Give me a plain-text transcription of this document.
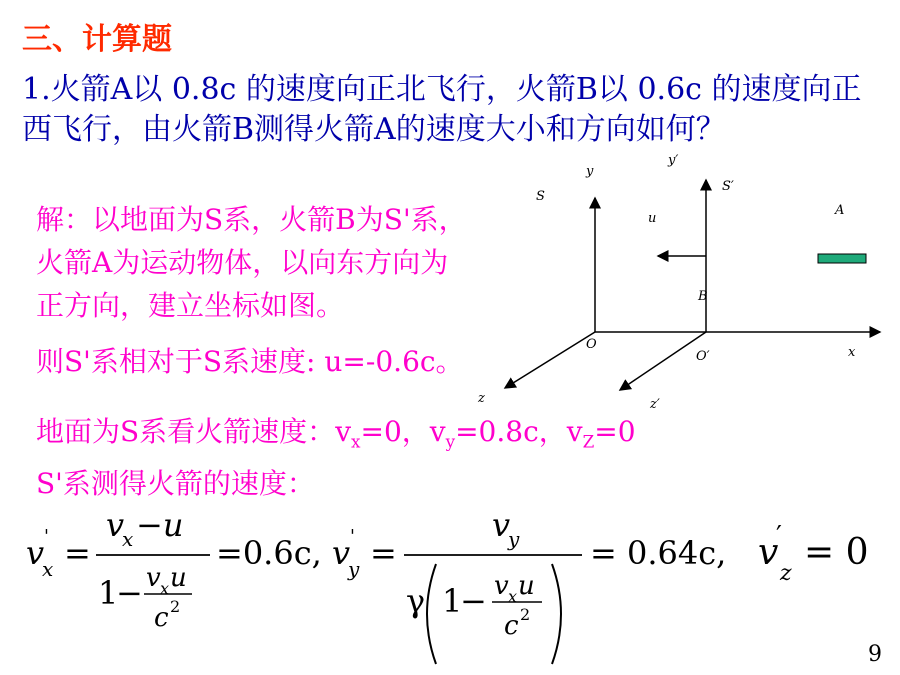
三、计算题
1.火箭A以 0.8c 的速度向正北飞行，火箭B以 0.6c 的速度向正西飞行，由火箭B测得火箭A的速度大小和方向如何？
解：以地面为S系，火箭B为S'系，
火箭A为运动物体，以向东方向为
正方向，建立坐标如图。
则S'系相对于S系速度: u=-0.6c。
地面为S系看火箭速度：$v_x=0$，$v_y=0.8c$，$v_Z=0$
S'系测得火箭的速度：
S
y
y′
S′
u
A
B
O
O′	x
z	z′
v '
x =
v
x −u
1
− v x u
c 2
=0.6c, v '
y =
v
y
γ 1
− v x u
c 2
= 0.64c, v
′
z
= 0
9
